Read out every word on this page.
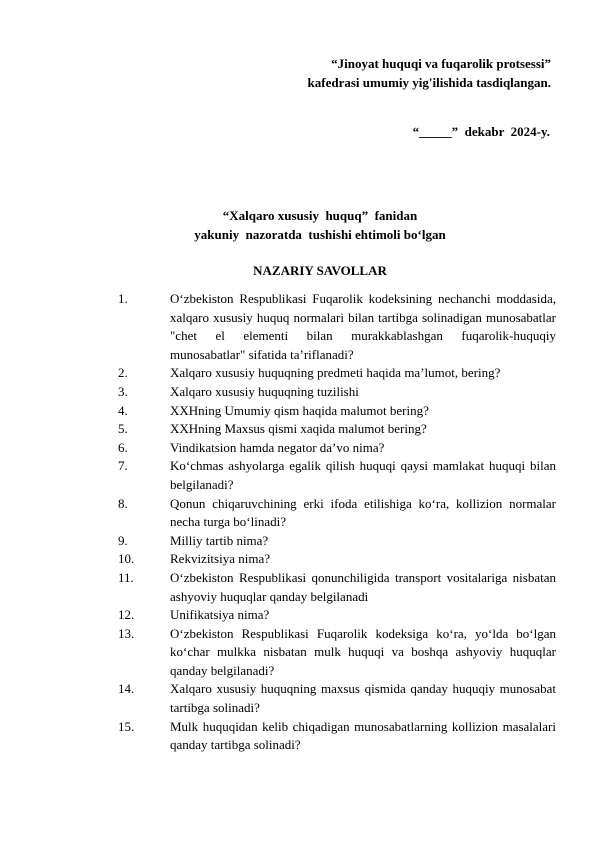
“Jinoyat huquqi va fuqarolik protsessi”
kafedrasi umumiy yig'ilishida tasdiqlangan.
“_____”  dekabr  2024-y.
“Xalqaro xususiy  huquq”  fanidan
yakuniy  nazoratda  tushishi ehtimoli bo‘lgan
NAZARIY SAVOLLAR
1.	O‘zbekiston Respublikasi Fuqarolik kodeksining nechanchi moddasida, xalqaro xususiy huquq normalari bilan tartibga solinadigan munosabatlar "chet el elementi bilan murakkablashgan fuqarolik-huquqiy munosabatlar" sifatida ta’riflanadi?
2.	Xalqaro xususiy huquqning predmeti haqida ma’lumot, bering?
3.	Xalqaro xususiy huquqning tuzilishi
4.	XXHning Umumiy qism haqida malumot bering?
5.	XXHning Maxsus qismi xaqida malumot bering?
6.	Vindikatsion hamda negator da’vo nima?
7.	Ko‘chmas ashyolarga egalik qilish huquqi qaysi mamlakat huquqi bilan belgilanadi?
8.	Qonun chiqaruvchining erki ifoda etilishiga ko‘ra, kollizion normalar necha turga bo‘linadi?
9.	Milliy tartib nima?
10.	Rekvizitsiya nima?
11.	O‘zbekiston Respublikasi qonunchiligida transport vositalariga nisbatan ashyoviy huquqlar qanday belgilanadi
12.	Unifikatsiya nima?
13.	O‘zbekiston Respublikasi Fuqarolik kodeksiga ko‘ra, yo‘lda bo‘lgan ko‘char mulkka nisbatan mulk huquqi va boshqa ashyoviy huquqlar qanday belgilanadi?
14.	Xalqaro xususiy huquqning maxsus qismida qanday huquqiy munosabat tartibga solinadi?
15.	Mulk huquqidan kelib chiqadigan munosabatlarning kollizion masalalari qanday tartibga solinadi?
